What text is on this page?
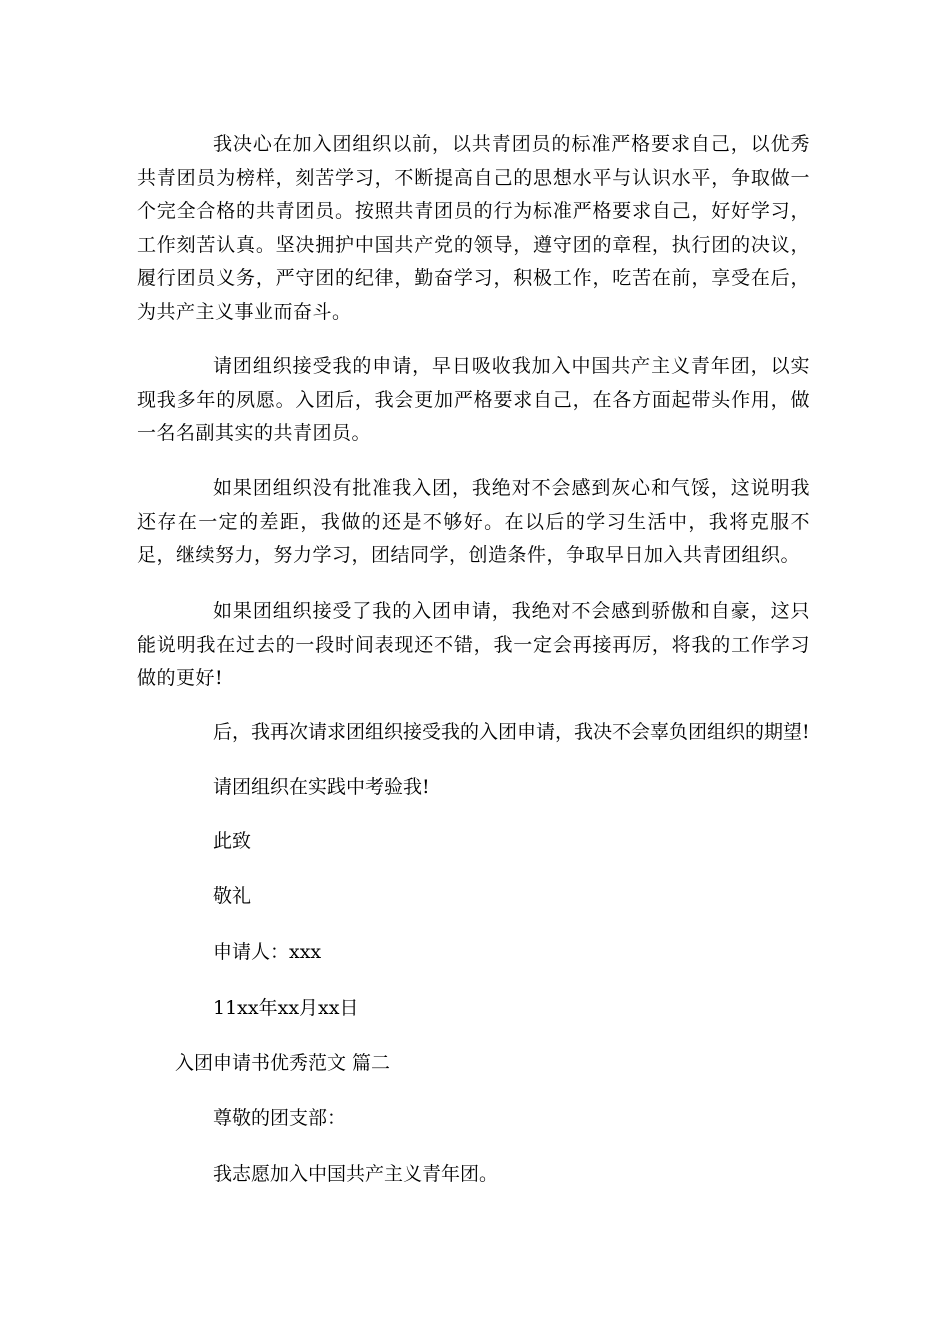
我决心在加入团组织以前，以共青团员的标准严格要求自己，以优秀共青团员为榜样，刻苦学习，不断提高自己的思想水平与认识水平，争取做一个完全合格的共青团员。按照共青团员的行为标准严格要求自己，好好学习，工作刻苦认真。坚决拥护中国共产党的领导，遵守团的章程，执行团的决议，履行团员义务，严守团的纪律，勤奋学习，积极工作，吃苦在前，享受在后，为共产主义事业而奋斗。

请团组织接受我的申请，早日吸收我加入中国共产主义青年团，以实现我多年的夙愿。入团后，我会更加严格要求自己，在各方面起带头作用，做一名名副其实的共青团员。

如果团组织没有批准我入团，我绝对不会感到灰心和气馁，这说明我还存在一定的差距，我做的还是不够好。在以后的学习生活中，我将克服不足，继续努力，努力学习，团结同学，创造条件，争取早日加入共青团组织。

如果团组织接受了我的入团申请，我绝对不会感到骄傲和自豪，这只能说明我在过去的一段时间表现还不错，我一定会再接再厉，将我的工作学习做的更好!

后，我再次请求团组织接受我的入团申请，我决不会辜负团组织的期望!

请团组织在实践中考验我!

此致

敬礼

申请人：xxx

11xx年xx月xx日

入团申请书优秀范文 篇二

尊敬的团支部：

我志愿加入中国共产主义青年团。
